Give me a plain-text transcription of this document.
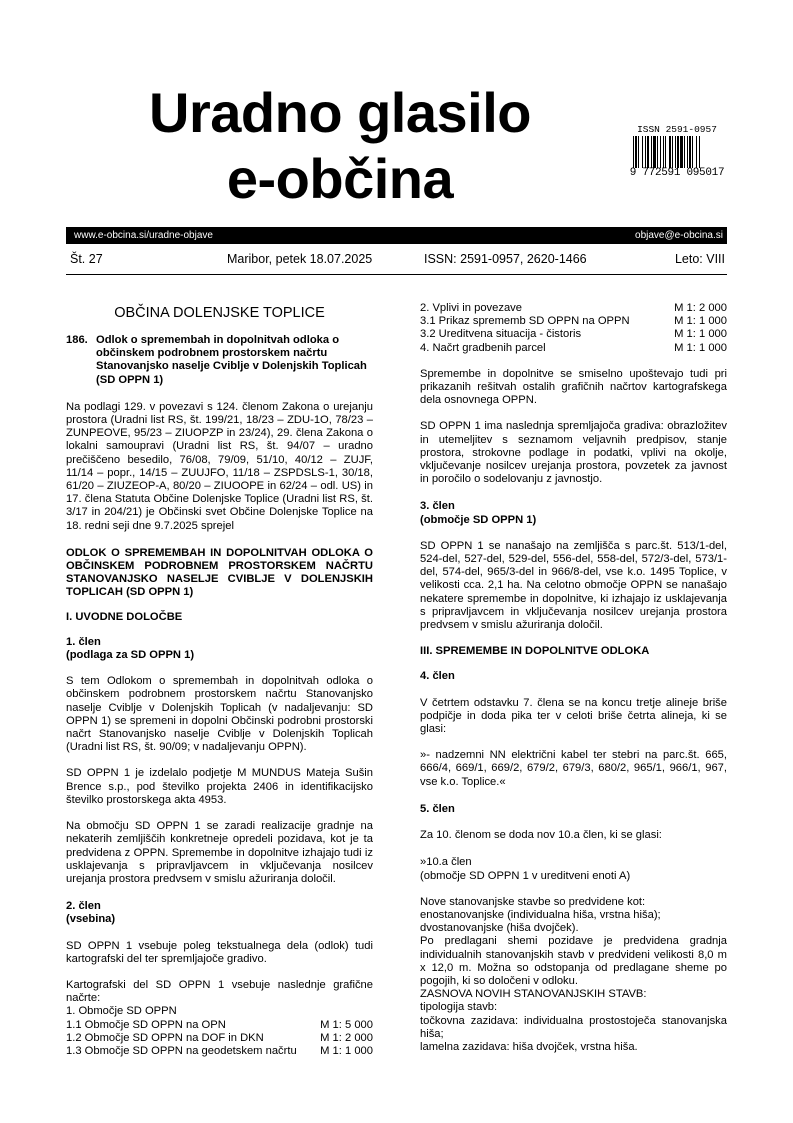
Uradno glasilo
e-občina
ISSN 2591-0957
9 772591 095017
www.e-obcina.si/uradne-objave	objave@e-obcina.si
Št. 27	Maribor, petek 18.07.2025	ISSN: 2591-0957, 2620-1466	Leto: VIII
OBČINA DOLENJSKE TOPLICE
186. Odlok o spremembah in dopolnitvah odloka o občinskem podrobnem prostorskem načrtu Stanovanjsko naselje Cvibljе v Dolenjskih Toplicah (SD OPPN 1)

Na podlagi 129. v povezavi s 124. členom Zakona o urejanju prostora (Uradni list RS, št. 199/21, 18/23 – ZDU-1O, 78/23 – ZUNPEOVE, 95/23 – ZIUOPZP in 23/24), 29. člena Zakona o lokalni samoupravi (Uradni list RS, št. 94/07 – uradno prečiščeno besedilo, 76/08, 79/09, 51/10, 40/12 – ZUJF, 11/14 – popr., 14/15 – ZUUJFO, 11/18 – ZSPDSLS-1, 30/18, 61/20 – ZIUZEOP-A, 80/20 – ZIUOOPE in 62/24 – odl. US) in 17. člena Statuta Občine Dolenjske Toplice (Uradni list RS, št. 3/17 in 204/21) je Občinski svet Občine Dolenjske Toplice na 18. redni seji dne 9.7.2025 sprejel

ODLOK O SPREMEMBAH IN DOPOLNITVAH ODLOKA O OBČINSKEM PODROBNEM PROSTORSKEM NAČRTU STANOVANJSKO NASELJE CVIBLJE V DOLENJSKIH TOPLICAH (SD OPPN 1)

I. UVODNE DOLOČBE

1. člen

(podlaga za SD OPPN 1)

S tem Odlokom o spremembah in dopolnitvah odloka o občinskem podrobnem prostorskem načrtu Stanovanjsko naselje Cviblje v Dolenjskih Toplicah (v nadaljevanju: SD OPPN 1) se spremeni in dopolni Občinski podrobni prostorski načrt Stanovanjsko naselje Cviblje v Dolenjskih Toplicah (Uradni list RS, št. 90/09; v nadaljevanju OPPN).

SD OPPN 1 je izdelalo podjetje M MUNDUS Mateja Sušin Brence s.p., pod številko projekta 2406 in identifikacijsko številko prostorskega akta 4953.

Na območju SD OPPN 1 se zaradi realizacije gradnje na nekaterih zemljiščih konkretneje opredeli pozidava, kot je ta predvidena z OPPN. Spremembe in dopolnitve izhajajo tudi iz usklajevanja s pripravljavcem in vključevanja nosilcev urejanja prostora predvsem v smislu ažuriranja določil.

2. člen

(vsebina)

SD OPPN 1 vsebuje poleg tekstualnega dela (odlok) tudi kartografski del ter spremljajoče gradivo.

Kartografski del SD OPPN 1 vsebuje naslednje grafične načrte:

1. Območje SD OPPN

1.1 Območje SD OPPN na OPN	M 1: 5 000
1.2 Območje SD OPPN na DOF in DKN	M 1: 2 000
1.3 Območje SD OPPN na geodetskem načrtu M 1: 1 000
2. Vplivi in povezave	M 1: 2 000
3.1 Prikaz sprememb SD OPPN na OPPN	M 1: 1 000
3.2 Ureditvena situacija - čistoris	M 1: 1 000
4. Načrt gradbenih parcel	M 1: 1 000

Spremembe in dopolnitve se smiselno upoštevajo tudi pri prikazanih rešitvah ostalih grafičnih načrtov kartografskega dela osnovnega OPPN.

SD OPPN 1 ima naslednja spremljajoča gradiva: obrazložitev in utemeljitev s seznamom veljavnih predpisov, stanje prostora, strokovne podlage in podatki, vplivi na okolje, vključevanje nosilcev urejanja prostora, povzetek za javnost in poročilo o sodelovanju z javnostjo.

3. člen

(območje SD OPPN 1)

SD OPPN 1 se nanašajo na zemljišča s parc.št. 513/1-del, 524-del, 527-del, 529-del, 556-del, 558-del, 572/3-del, 573/1-del, 574-del, 965/3-del in 966/8-del, vse k.o. 1495 Toplice, v velikosti cca. 2,1 ha. Na celotno območje OPPN se nanašajo nekatere spremembe in dopolnitve, ki izhajajo iz usklajevanja s pripravljavcem in vključevanja nosilcev urejanja prostora predvsem v smislu ažuriranja določil.

III. SPREMEMBE IN DOPOLNITVE ODLOKA

4. člen

V četrtem odstavku 7. člena se na koncu tretje alineje briše podpičje in doda pika ter v celoti briše četrta alineja, ki se glasi:

»- nadzemni NN električni kabel ter stebri na parc.št. 665, 666/4, 669/1, 669/2, 679/2, 679/3, 680/2, 965/1, 966/1, 967, vse k.o. Toplice.«

5. člen

Za 10. členom se doda nov 10.a člen, ki se glasi:

»10.a člen

(območje SD OPPN 1 v ureditveni enoti A)

Nove stanovanjske stavbe so predvidene kot:

enostanovanjske (individualna hiša, vrstna hiša);

dvostanovanjske (hiša dvojček).

Po predlagani shemi pozidave je predvidena gradnja individualnih stanovanjskih stavb v predvideni velikosti 8,0 m x 12,0 m. Možna so odstopanja od predlagane sheme po pogojih, ki so določeni v odloku.

ZASNOVA NOVIH STANOVANJSKIH STAVB:

tipologija stavb:

točkovna zazidava: individualna prostostoječa stanovanjska hiša;

lamelna zazidava: hiša dvojček, vrstna hiša.
